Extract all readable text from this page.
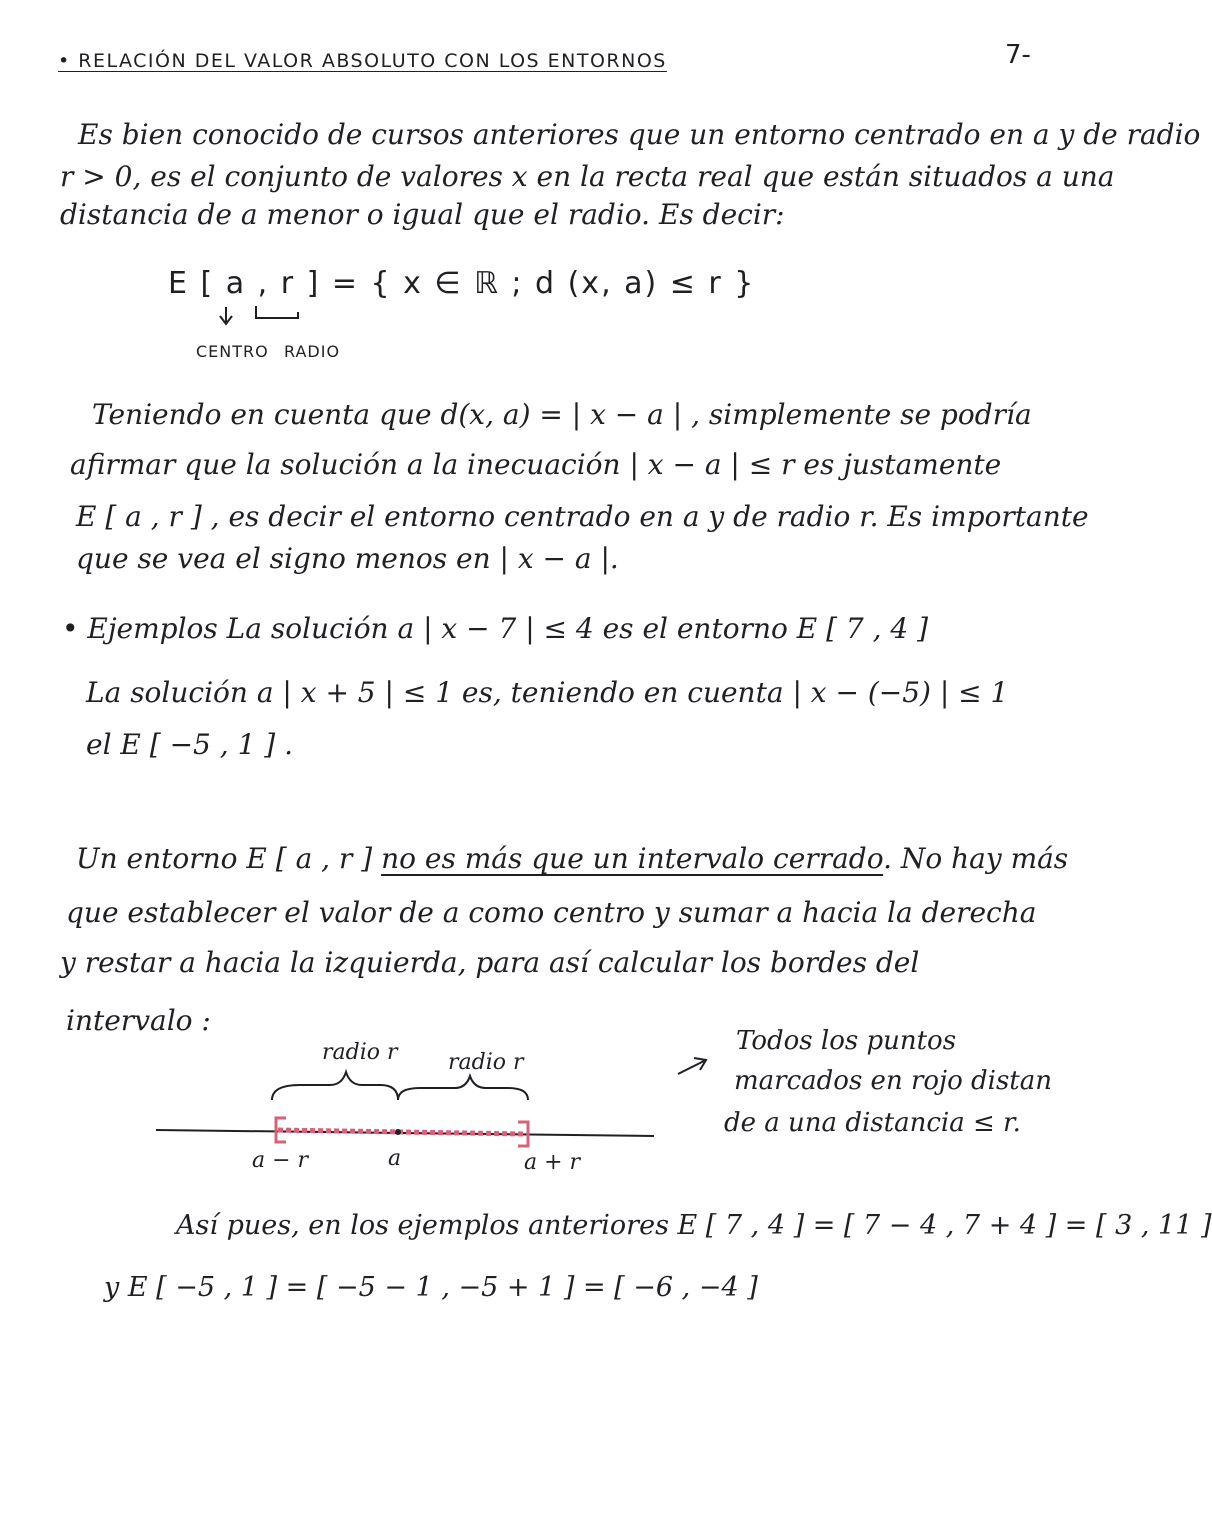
• RELACIÓN DEL VALOR ABSOLUTO CON LOS ENTORNOS	7-
Es bien conocido de cursos anteriores que un entorno centrado en a y de radio
r > 0, es el conjunto de valores x en la recta real que están situados a una
distancia de a menor o igual que el radio. Es decir:
E [ a , r ] = { x ∈ ℝ ; d (x, a) ≤ r }
CENTRO RADIO
Teniendo en cuenta que d(x, a) = | x − a | , simplemente se podría
afirmar que la solución a la inecuación | x − a | ≤ r es justamente
E [ a , r ] , es decir el entorno centrado en a y de radio r. Es importante
que se vea el signo menos en | x − a |.
• Ejemplos La solución a | x − 7 | ≤ 4 es el entorno E [ 7 , 4 ]
La solución a | x + 5 | ≤ 1 es, teniendo en cuenta | x − (−5) | ≤ 1
el E [ −5 , 1 ] .
Un entorno E [ a , r ] no es más que un intervalo cerrado. No hay más
que establecer el valor de a como centro y sumar a hacia la derecha
y restar a hacia la izquierda, para así calcular los bordes del
intervalo :
radio r radio r
a − r	a	a + r
Todos los puntos
marcados en rojo distan
de a una distancia ≤ r.
Así pues, en los ejemplos anteriores E [ 7 , 4 ] = [ 7 − 4 , 7 + 4 ] = [ 3 , 11 ]
y E [ −5 , 1 ] = [ −5 − 1 , −5 + 1 ] = [ −6 , −4 ]
